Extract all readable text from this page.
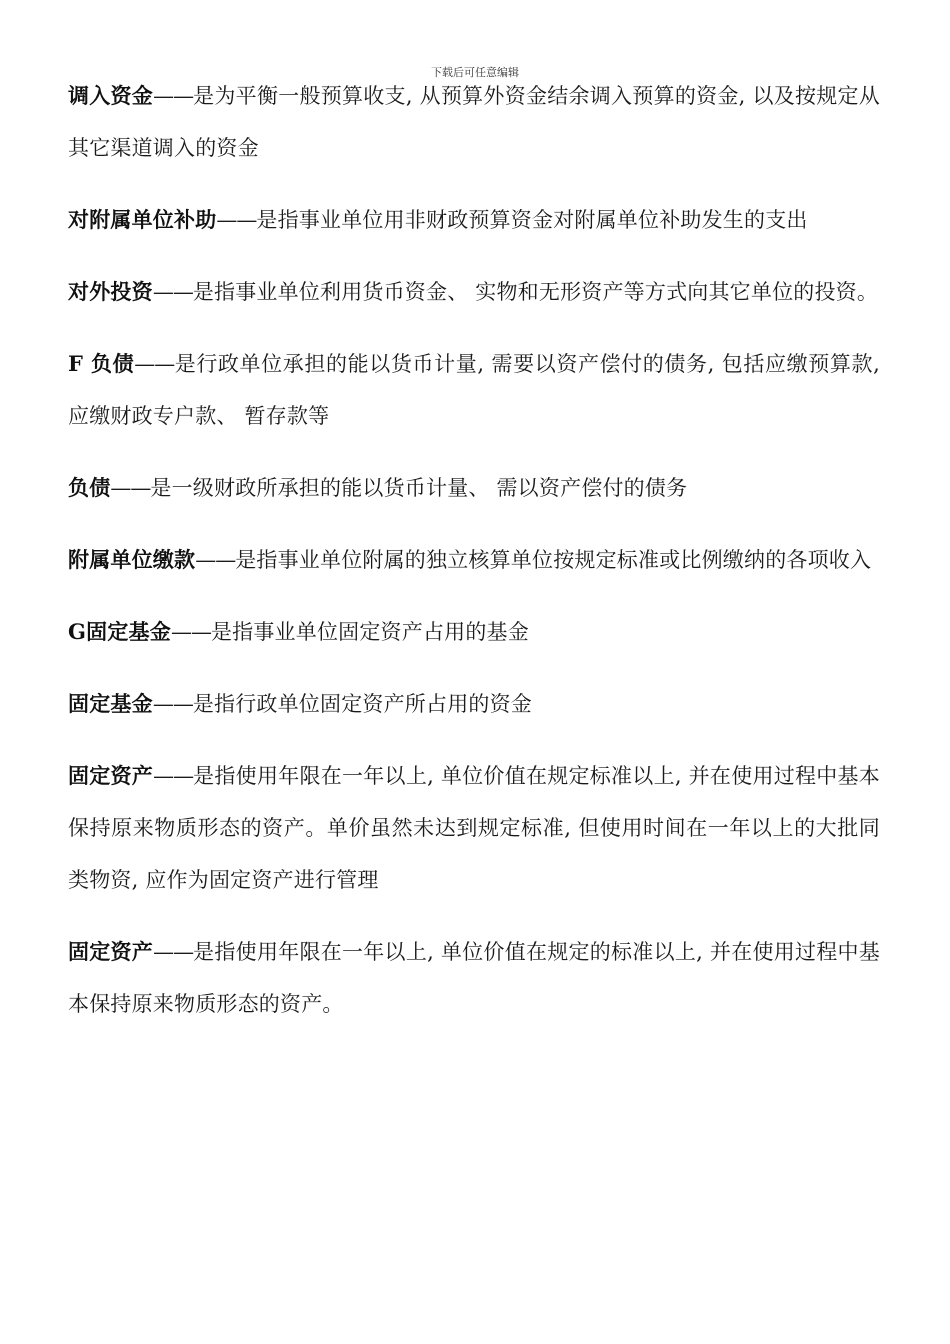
下载后可任意编辑

调入资金——是为平衡一般预算收支, 从预算外资金结余调入预算的资金, 以及按规定从其它渠道调入的资金

对附属单位补助——是指事业单位用非财政预算资金对附属单位补助发生的支出

对外投资——是指事业单位利用货币资金、 实物和无形资产等方式向其它单位的投资。

F 负债——是行政单位承担的能以货币计量, 需要以资产偿付的债务, 包括应缴预算款, 应缴财政专户款、 暂存款等

负债——是一级财政所承担的能以货币计量、 需以资产偿付的债务

附属单位缴款——是指事业单位附属的独立核算单位按规定标准或比例缴纳的各项收入

G固定基金——是指事业单位固定资产占用的基金

固定基金——是指行政单位固定资产所占用的资金

固定资产——是指使用年限在一年以上, 单位价值在规定标准以上, 并在使用过程中基本保持原来物质形态的资产。单价虽然未达到规定标准, 但使用时间在一年以上的大批同类物资, 应作为固定资产进行管理

固定资产——是指使用年限在一年以上, 单位价值在规定的标准以上, 并在使用过程中基本保持原来物质形态的资产。
